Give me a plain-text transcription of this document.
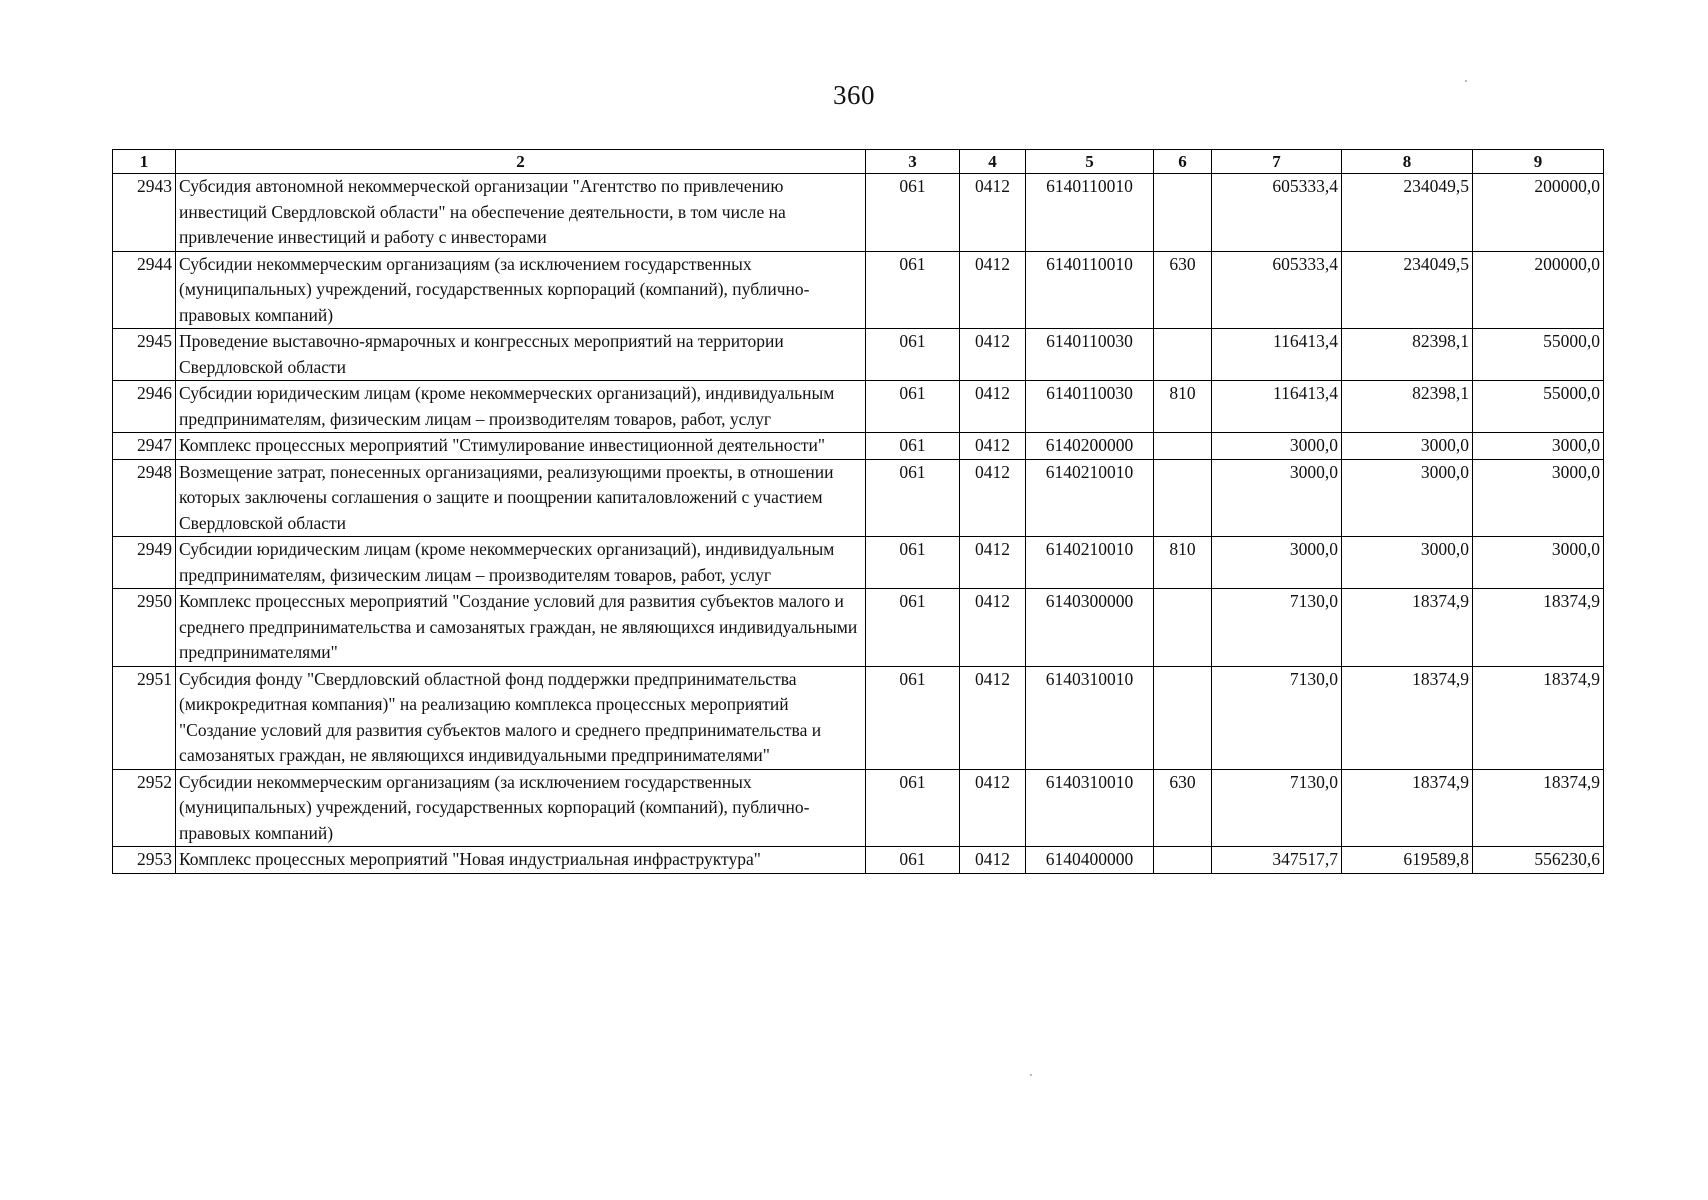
360
1	2	3	4	5	6	7	8	9
2943	Субсидия автономной некоммерческой организации "Агентство по привлечению инвестиций Свердловской области" на обеспечение деятельности, в том числе на привлечение инвестиций и работу с инвесторами	061	0412	6140110010		605333,4	234049,5	200000,0
2944	Субсидии некоммерческим организациям (за исключением государственных (муниципальных) учреждений, государственных корпораций (компаний), публично-правовых компаний)	061	0412	6140110010	630	605333,4	234049,5	200000,0
2945	Проведение выставочно-ярмарочных и конгрессных мероприятий на территории Свердловской области	061	0412	6140110030		116413,4	82398,1	55000,0
2946	Субсидии юридическим лицам (кроме некоммерческих организаций), индивидуальным предпринимателям, физическим лицам – производителям товаров, работ, услуг	061	0412	6140110030	810	116413,4	82398,1	55000,0
2947	Комплекс процессных мероприятий "Стимулирование инвестиционной деятельности"	061	0412	6140200000		3000,0	3000,0	3000,0
2948	Возмещение затрат, понесенных организациями, реализующими проекты, в отношении которых заключены соглашения о защите и поощрении капиталовложений с участием Свердловской области	061	0412	6140210010		3000,0	3000,0	3000,0
2949	Субсидии юридическим лицам (кроме некоммерческих организаций), индивидуальным предпринимателям, физическим лицам – производителям товаров, работ, услуг	061	0412	6140210010	810	3000,0	3000,0	3000,0
2950	Комплекс процессных мероприятий "Создание условий для развития субъектов малого и среднего предпринимательства и самозанятых граждан, не являющихся индивидуальными предпринимателями"	061	0412	6140300000		7130,0	18374,9	18374,9
2951	Субсидия фонду "Свердловский областной фонд поддержки предпринимательства (микрокредитная компания)" на реализацию комплекса процессных мероприятий "Создание условий для развития субъектов малого и среднего предпринимательства и самозанятых граждан, не являющихся индивидуальными предпринимателями"	061	0412	6140310010		7130,0	18374,9	18374,9
2952	Субсидии некоммерческим организациям (за исключением государственных (муниципальных) учреждений, государственных корпораций (компаний), публично-правовых компаний)	061	0412	6140310010	630	7130,0	18374,9	18374,9
2953	Комплекс процессных мероприятий "Новая индустриальная инфраструктура"	061	0412	6140400000		347517,7	619589,8	556230,6
